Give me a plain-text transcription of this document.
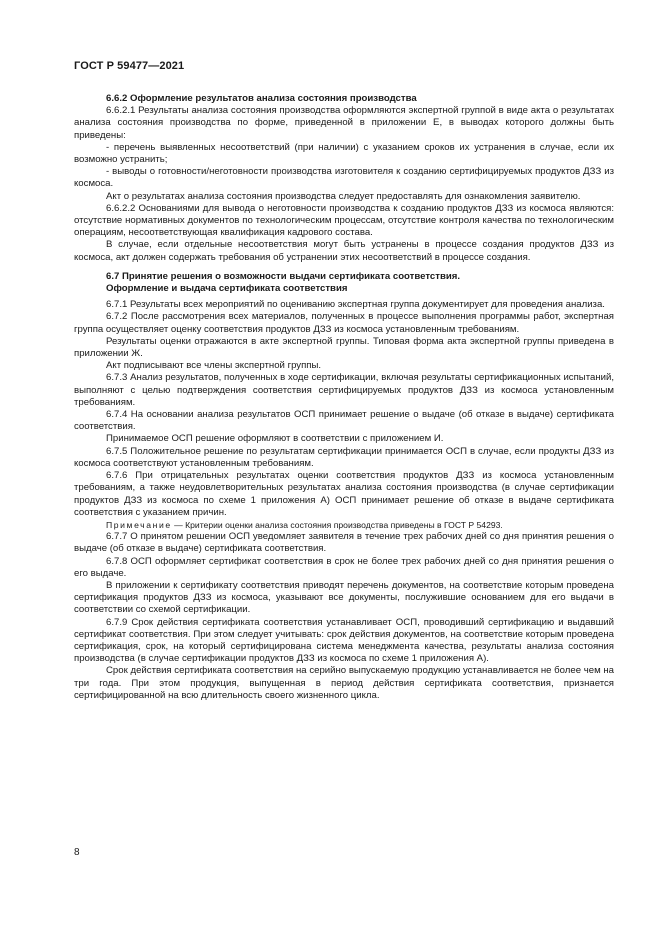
ГОСТ Р 59477—2021

6.6.2 Оформление результатов анализа состояния производства

6.6.2.1 Результаты анализа состояния производства оформляются экспертной группой в виде акта о результатах анализа состояния производства по форме, приведенной в приложении Е, в выводах которого должны быть приведены:

- перечень выявленных несоответствий (при наличии) с указанием сроков их устранения в случае, если их возможно устранить;

- выводы о готовности/неготовности производства изготовителя к созданию сертифицируемых продуктов ДЗЗ из космоса.

Акт о результатах анализа состояния производства следует предоставлять для ознакомления заявителю.

6.6.2.2 Основаниями для вывода о неготовности производства к созданию продуктов ДЗЗ из космоса являются: отсутствие нормативных документов по технологическим процессам, отсутствие контроля качества по технологическим операциям, несоответствующая квалификация кадрового состава.

В случае, если отдельные несоответствия могут быть устранены в процессе создания продуктов ДЗЗ из космоса, акт должен содержать требования об устранении этих несоответствий в процессе создания.

6.7 Принятие решения о возможности выдачи сертификата соответствия.

Оформление и выдача сертификата соответствия

6.7.1 Результаты всех мероприятий по оцениванию экспертная группа документирует для проведения анализа.

6.7.2 После рассмотрения всех материалов, полученных в процессе выполнения программы работ, экспертная группа осуществляет оценку соответствия продуктов ДЗЗ из космоса установленным требованиям.

Результаты оценки отражаются в акте экспертной группы. Типовая форма акта экспертной группы приведена в приложении Ж.

Акт подписывают все члены экспертной группы.

6.7.3 Анализ результатов, полученных в ходе сертификации, включая результаты сертификационных испытаний, выполняют с целью подтверждения соответствия сертифицируемых продуктов ДЗЗ из космоса установленным требованиям.

6.7.4 На основании анализа результатов ОСП принимает решение о выдаче (об отказе в выдаче) сертификата соответствия.

Принимаемое ОСП решение оформляют в соответствии с приложением И.

6.7.5 Положительное решение по результатам сертификации принимается ОСП в случае, если продукты ДЗЗ из космоса соответствуют установленным требованиям.

6.7.6 При отрицательных результатах оценки соответствия продуктов ДЗЗ из космоса установленным требованиям, а также неудовлетворительных результатах анализа состояния производства (в случае сертификации продуктов ДЗЗ из космоса по схеме 1 приложения А) ОСП принимает решение об отказе в выдаче сертификата соответствия с указанием причин.

Примечание — Критерии оценки анализа состояния производства приведены в ГОСТ Р 54293.

6.7.7 О принятом решении ОСП уведомляет заявителя в течение трех рабочих дней со дня принятия решения о выдаче (об отказе в выдаче) сертификата соответствия.

6.7.8 ОСП оформляет сертификат соответствия в срок не более трех рабочих дней со дня принятия решения о его выдаче.

В приложении к сертификату соответствия приводят перечень документов, на соответствие которым проведена сертификация продуктов ДЗЗ из космоса, указывают все документы, послужившие основанием для его выдачи в соответствии со схемой сертификации.

6.7.9 Срок действия сертификата соответствия устанавливает ОСП, проводивший сертификацию и выдавший сертификат соответствия. При этом следует учитывать: срок действия документов, на соответствие которым проведена сертификация, срок, на который сертифицирована система менеджмента качества, результаты анализа состояния производства (в случае сертификации продуктов ДЗЗ из космоса по схеме 1 приложения А).

Срок действия сертификата соответствия на серийно выпускаемую продукцию устанавливается не более чем на три года. При этом продукция, выпущенная в период действия сертификата соответствия, признается сертифицированной на всю длительность своего жизненного цикла.

8
